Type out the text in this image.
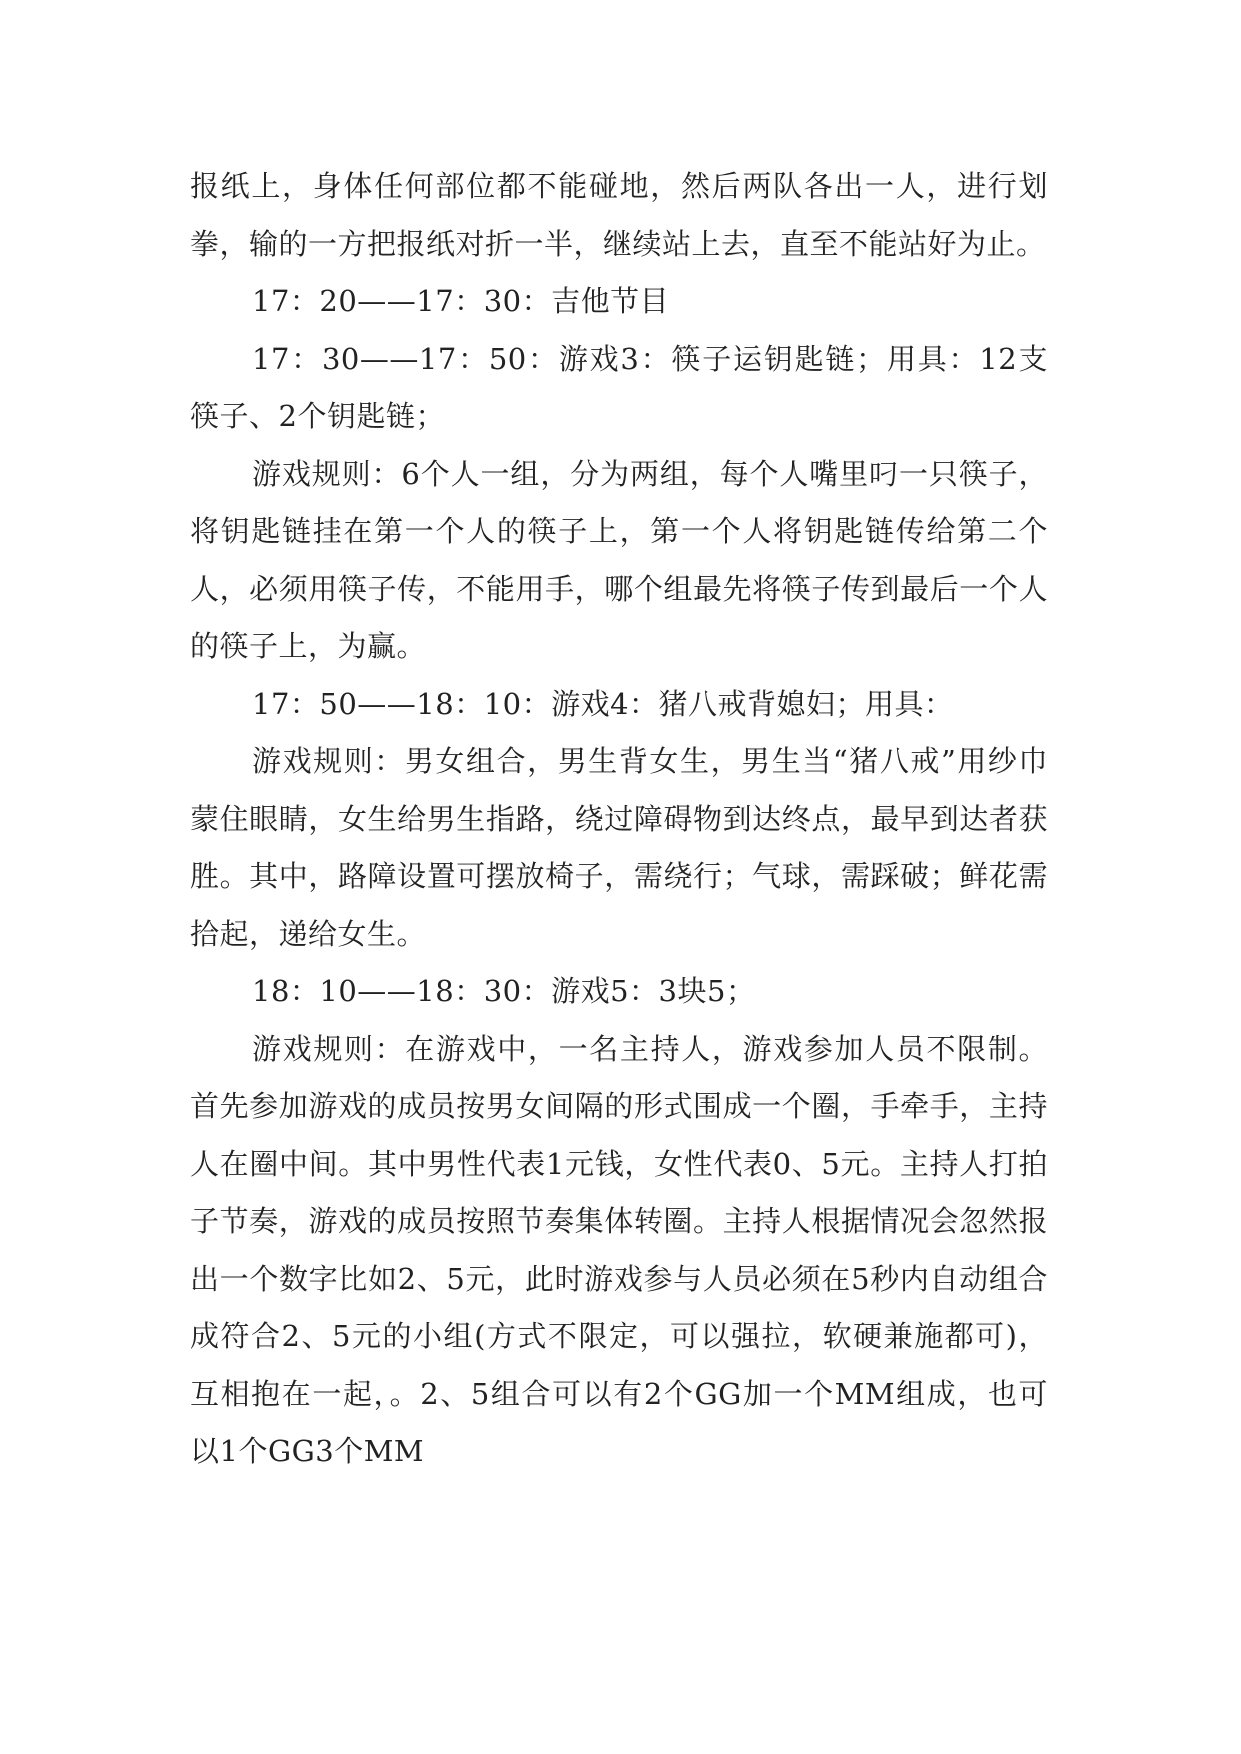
报纸上，身体任何部位都不能碰地，然后两队各出一人，进行划拳，输的一方把报纸对折一半，继续站上去，直至不能站好为止。

17：20——17：30：吉他节目

17：30——17：50：游戏3：筷子运钥匙链；用具：12支筷子、2个钥匙链；

游戏规则：6个人一组，分为两组，每个人嘴里叼一只筷子，将钥匙链挂在第一个人的筷子上，第一个人将钥匙链传给第二个人，必须用筷子传，不能用手，哪个组最先将筷子传到最后一个人的筷子上，为赢。

17：50——18：10：游戏4：猪八戒背媳妇；用具：

游戏规则：男女组合，男生背女生，男生当“猪八戒”用纱巾蒙住眼睛，女生给男生指路，绕过障碍物到达终点，最早到达者获胜。其中，路障设置可摆放椅子，需绕行；气球，需踩破；鲜花需拾起，递给女生。

18：10——18：30：游戏5：3块5；

游戏规则：在游戏中，一名主持人，游戏参加人员不限制。首先参加游戏的成员按男女间隔的形式围成一个圈，手牵手，主持人在圈中间。其中男性代表1元钱，女性代表0、5元。主持人打拍子节奏，游戏的成员按照节奏集体转圈。主持人根据情况会忽然报出一个数字比如2、5元，此时游戏参与人员必须在5秒内自动组合成符合2、5元的小组(方式不限定，可以强拉，软硬兼施都可)，互相抱在一起，。2、5组合可以有2个GG加一个MM组成，也可以1个GG3个MM
